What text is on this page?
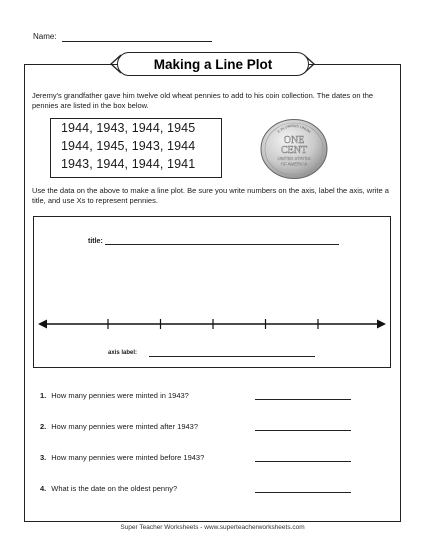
Name:
Making a Line Plot
Jeremy's grandfather gave him twelve old wheat pennies to add to his coin collection. The dates on the pennies are listed in the box below.
1944, 1943, 1944, 1945
1944, 1945, 1943, 1944
1943, 1944, 1944, 1941
E PLURIBUS UNUM
ONE
CENT
UNITED STATES
OF AMERICA
Use the data on the above to make a line plot. Be sure you write numbers on the axis, label the axis, write a title, and use Xs to represent pennies.
title:
axis label:
1. How many pennies were minted in 1943?
2. How many pennies were minted after 1943?
3. How many pennies were minted before 1943?
4. What is the date on the oldest penny?
Super Teacher Worksheets - www.superteacherworksheets.com
